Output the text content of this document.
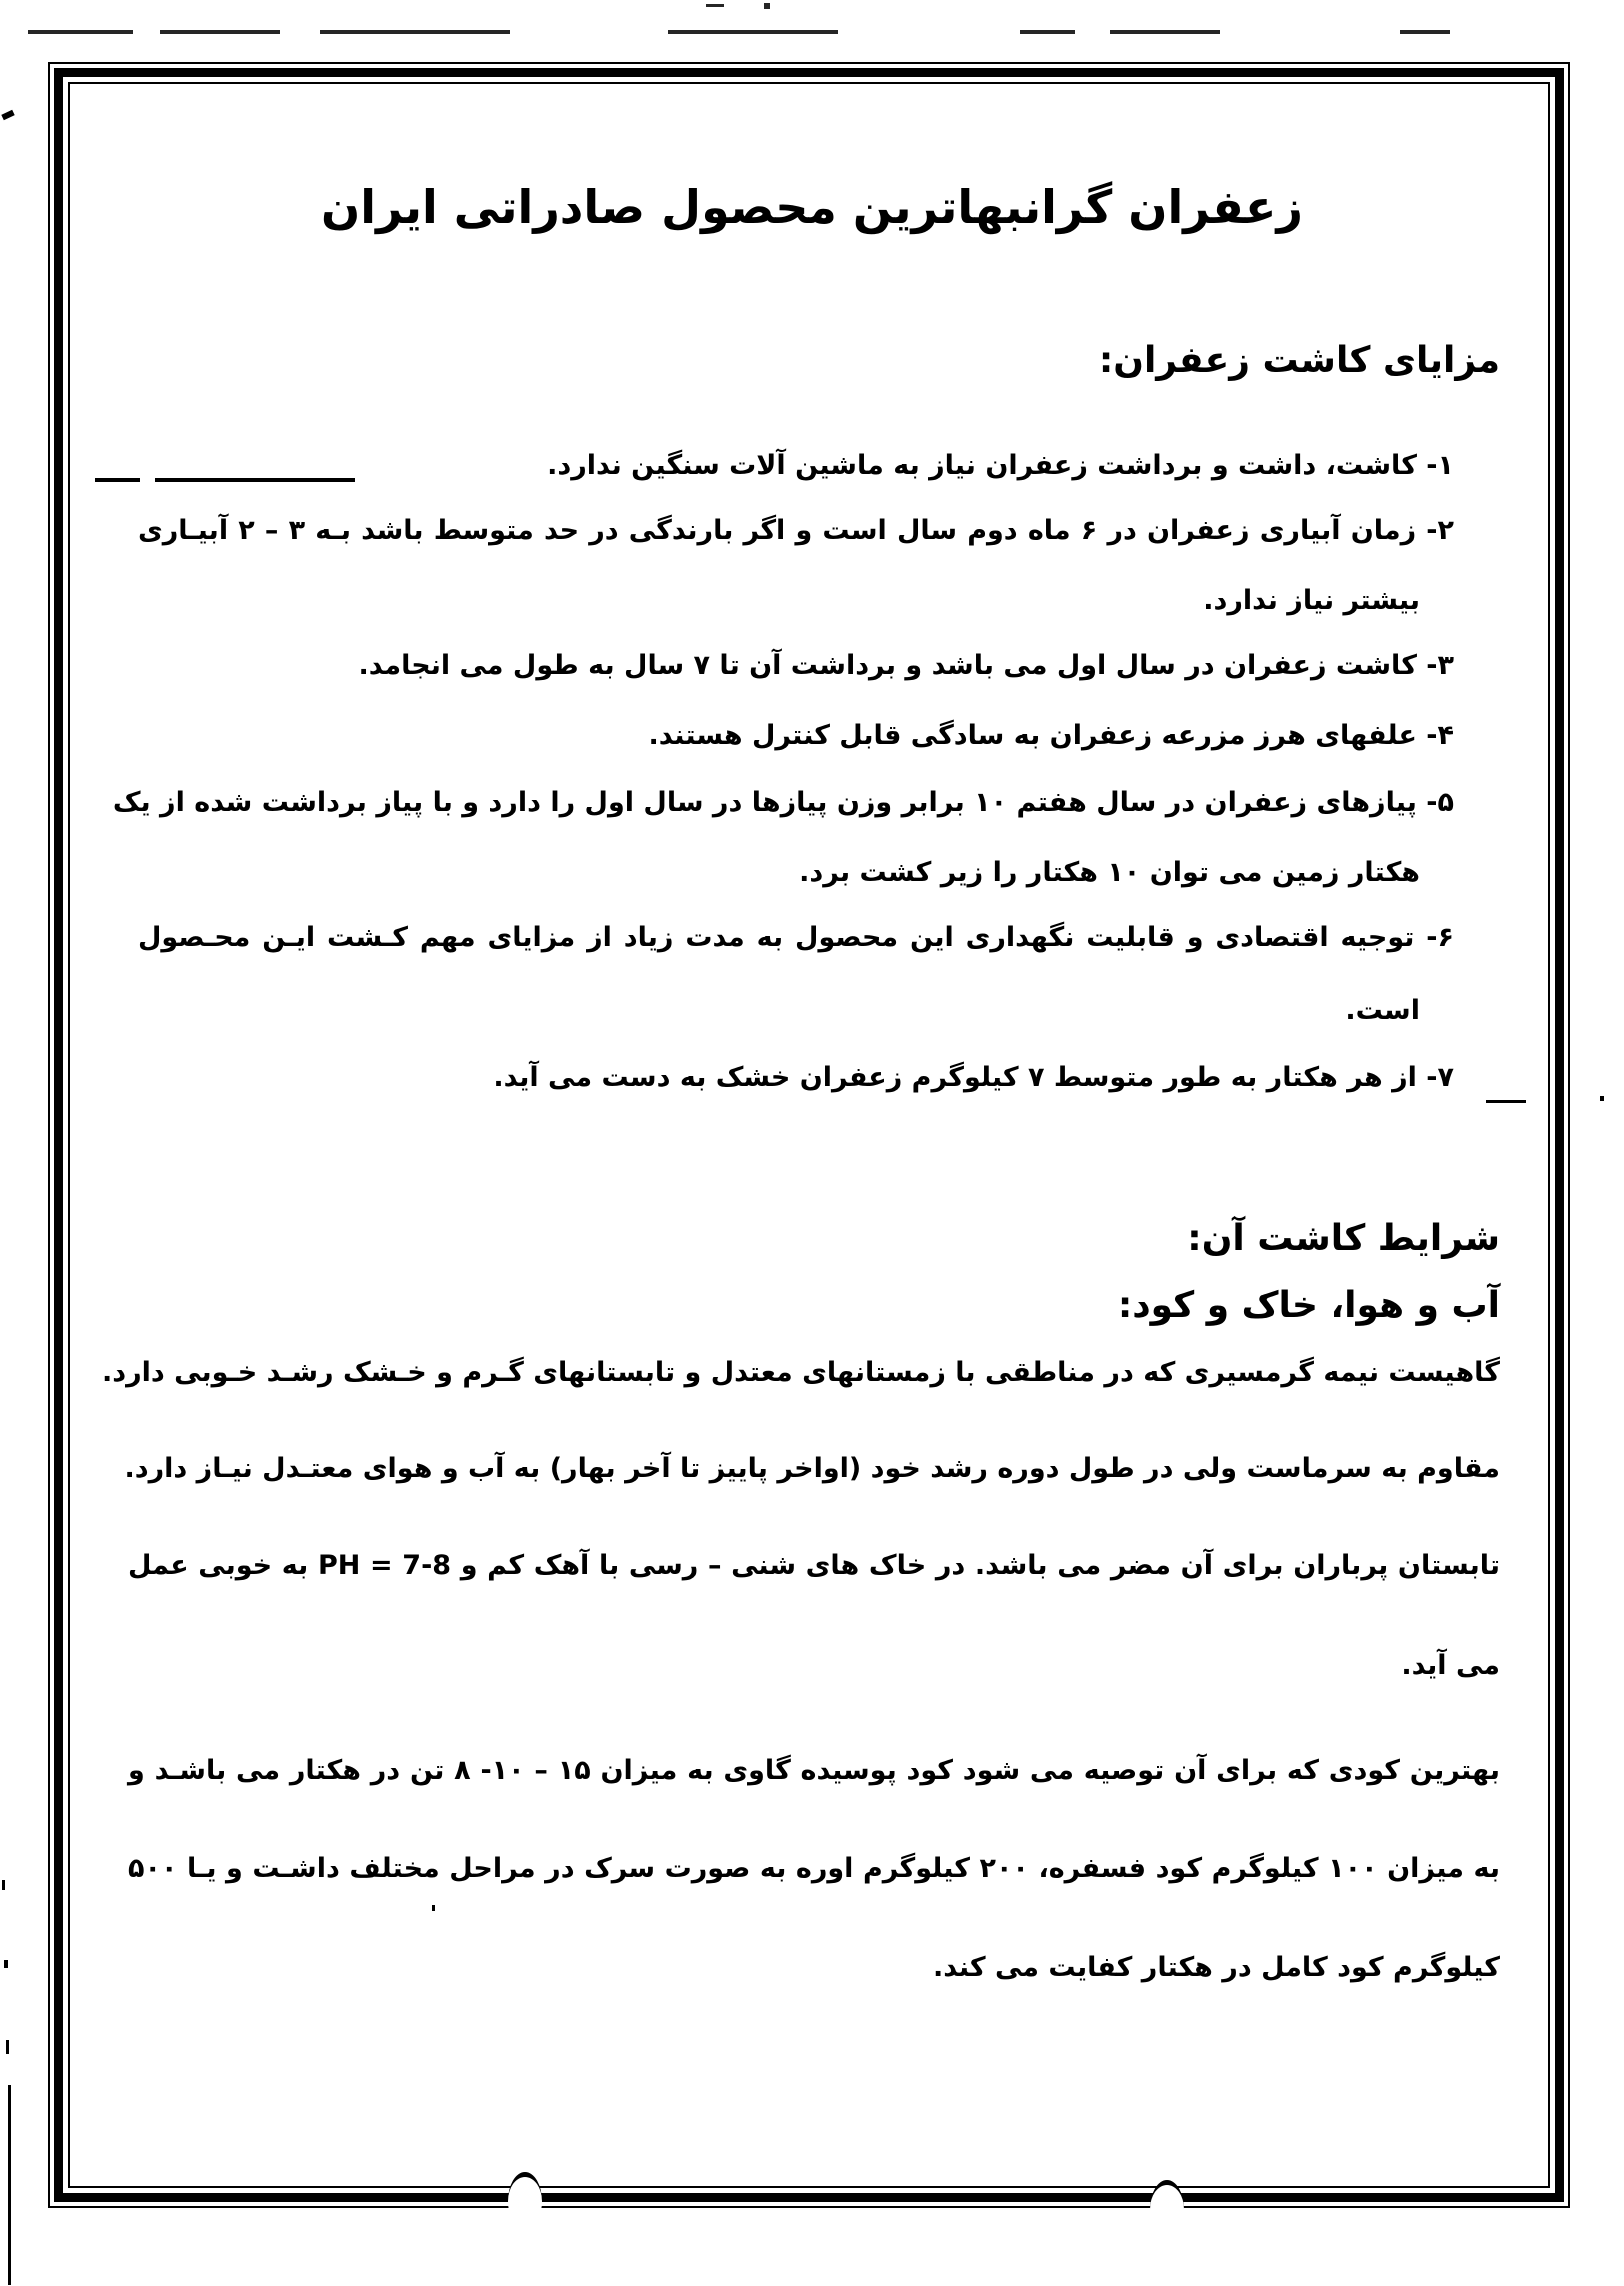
زعفران گرانبهاترین محصول صادراتی ایران
مزایای کاشت زعفران:
۱- کاشت، داشت و برداشت زعفران نیاز به ماشین آلات سنگین ندارد.
۲- زمان آبیاری زعفران در ۶ ماه دوم سال است و اگر بارندگی در حد متوسط باشد بـه ۳ – ۲ آبیـاری
بیشتر نیاز ندارد.
۳- کاشت زعفران در سال اول می باشد و برداشت آن تا ۷ سال به طول می انجامد.
۴- علفهای هرز مزرعه زعفران به سادگی قابل کنترل هستند.
۵- پیازهای زعفران در سال هفتم ۱۰ برابر وزن پیازها در سال اول را دارد و با پیاز برداشت شده از یک
هکتار زمین می توان ۱۰ هکتار را زیر کشت برد.
۶- توجیه اقتصادی و قابلیت نگهداری این محصول به مدت زیاد از مزایای مهم کـشت ایـن محـصول
است.
۷- از هر هکتار به طور متوسط ۷ کیلوگرم زعفران خشک به دست می آید.
شرایط کاشت آن:
آب و هوا، خاک و کود:
گاهیست نیمه گرمسیری که در مناطقی با زمستانهای معتدل و تابستانهای گـرم و خـشک رشـد خـوبی دارد.
مقاوم به سرماست ولی در طول دوره رشد خود (اواخر پاییز تا آخر بهار) به آب و هوای معتـدل نیـاز دارد.
تابستان پرباران برای آن مضر می باشد. در خاک های شنی – رسی با آهک کم و PH = 7-8 به خوبی عمل
می آید.
بهترین کودی که برای آن توصیه می شود کود پوسیده گاوی به میزان ۱۵ – ۱۰- ۸ تن در هکتار می باشـد و
به میزان ۱۰۰ کیلوگرم کود فسفره، ۲۰۰ کیلوگرم اوره به صورت سرک در مراحل مختلف داشـت و یـا ۵۰۰
کیلوگرم کود کامل در هکتار کفایت می کند.
